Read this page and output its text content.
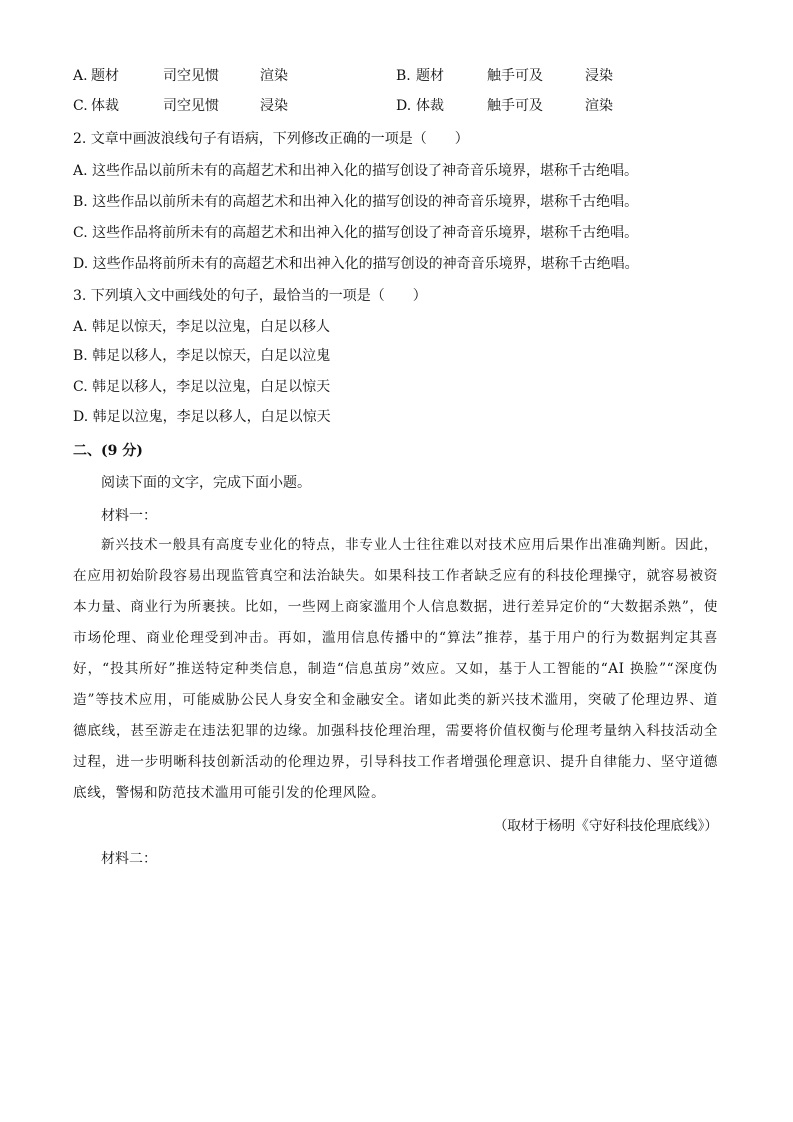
A. 题材	司空见惯	渲染	B. 题材	触手可及	浸染
C. 体裁	司空见惯	浸染	D. 体裁	触手可及	渲染
2. 文章中画波浪线句子有语病，下列修改正确的一项是（　　）
A. 这些作品以前所未有的高超艺术和出神入化的描写创设了神奇音乐境界，堪称千古绝唱。
B. 这些作品以前所未有的高超艺术和出神入化的描写创设的神奇音乐境界，堪称千古绝唱。
C. 这些作品将前所未有的高超艺术和出神入化的描写创设了神奇音乐境界，堪称千古绝唱。
D. 这些作品将前所未有的高超艺术和出神入化的描写创设的神奇音乐境界，堪称千古绝唱。
3. 下列填入文中画线处的句子，最恰当的一项是（　　）
A. 韩足以惊天，李足以泣鬼，白足以移人
B. 韩足以移人，李足以惊天，白足以泣鬼
C. 韩足以移人，李足以泣鬼，白足以惊天
D. 韩足以泣鬼，李足以移人，白足以惊天
二、(9 分)
阅读下面的文字，完成下面小题。
材料一：
新兴技术一般具有高度专业化的特点，非专业人士往往难以对技术应用后果作出准确判断。因此，在应用初始阶段容易出现监管真空和法治缺失。如果科技工作者缺乏应有的科技伦理操守，就容易被资本力量、商业行为所裹挟。比如，一些网上商家滥用个人信息数据，进行差异定价的“大数据杀熟”，使市场伦理、商业伦理受到冲击。再如，滥用信息传播中的“算法”推荐，基于用户的行为数据判定其喜好，“投其所好”推送特定种类信息，制造“信息茧房”效应。又如，基于人工智能的“AI 换脸”“深度伪造”等技术应用，可能威胁公民人身安全和金融安全。诸如此类的新兴技术滥用，突破了伦理边界、道德底线，甚至游走在违法犯罪的边缘。加强科技伦理治理，需要将价值权衡与伦理考量纳入科技活动全过程，进一步明晰科技创新活动的伦理边界，引导科技工作者增强伦理意识、提升自律能力、坚守道德底线，警惕和防范技术滥用可能引发的伦理风险。
（取材于杨明《守好科技伦理底线》）
材料二：
